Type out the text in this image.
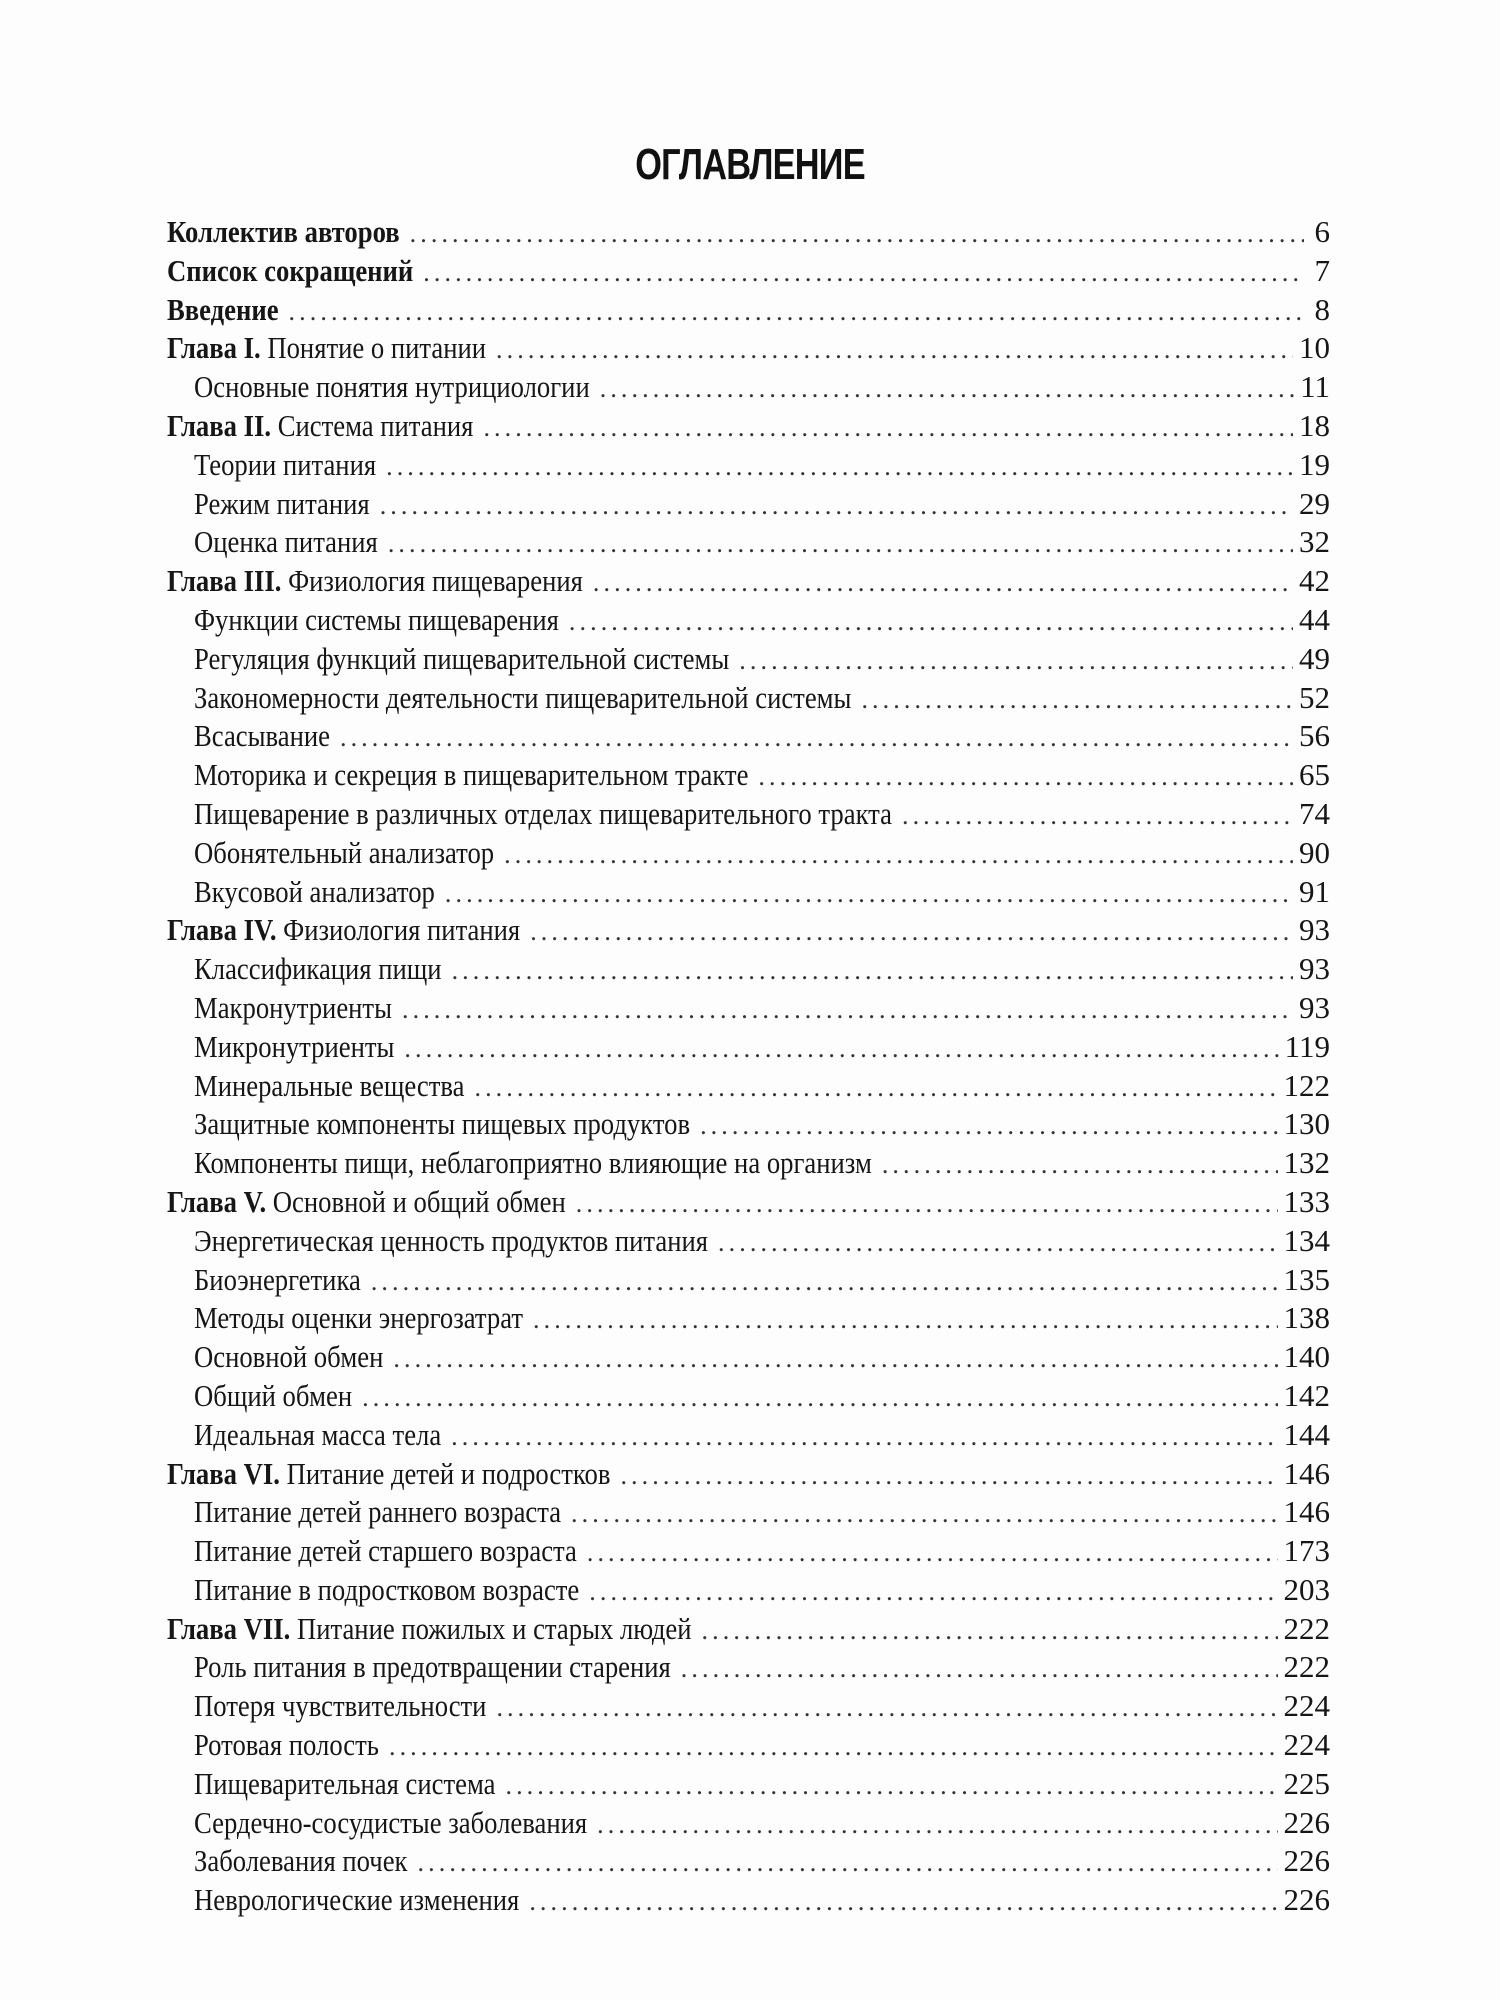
ОГЛАВЛЕНИЕ
Коллектив авторов . . .	6
Список сокращений . . .	7
Введение . . .	8
Глава I. Понятие о питании . . .	10
Основные понятия нутрициологии . . .	11
Глава II. Система питания . . .	18
Теории питания . . .	19
Режим питания . . .	29
Оценка питания . . .	32
Глава III. Физиология пищеварения . . .	42
Функции системы пищеварения . . .	44
Регуляция функций пищеварительной системы . . .	49
Закономерности деятельности пищеварительной системы . . .	52
Всасывание . . .	56
Моторика и секреция в пищеварительном тракте . . .	65
Пищеварение в различных отделах пищеварительного тракта . . .	74
Обонятельный анализатор . . .	90
Вкусовой анализатор . . .	91
Глава IV. Физиология питания . . .	93
Классификация пищи . . .	93
Макронутриенты . . .	93
Микронутриенты . . .	119
Минеральные вещества . . .	122
Защитные компоненты пищевых продуктов . . .	130
Компоненты пищи, неблагоприятно влияющие на организм . . .	132
Глава V. Основной и общий обмен . . .	133
Энергетическая ценность продуктов питания . . .	134
Биоэнергетика . . .	135
Методы оценки энергозатрат . . .	138
Основной обмен . . .	140
Общий обмен . . .	142
Идеальная масса тела . . .	144
Глава VI. Питание детей и подростков . . .	146
Питание детей раннего возраста . . .	146
Питание детей старшего возраста . . .	173
Питание в подростковом возрасте . . .	203
Глава VII. Питание пожилых и старых людей . . .	222
Роль питания в предотвращении старения . . .	222
Потеря чувствительности . . .	224
Ротовая полость . . .	224
Пищеварительная система . . .	225
Сердечно-сосудистые заболевания . . .	226
Заболевания почек . . .	226
Неврологические изменения . . .	226
